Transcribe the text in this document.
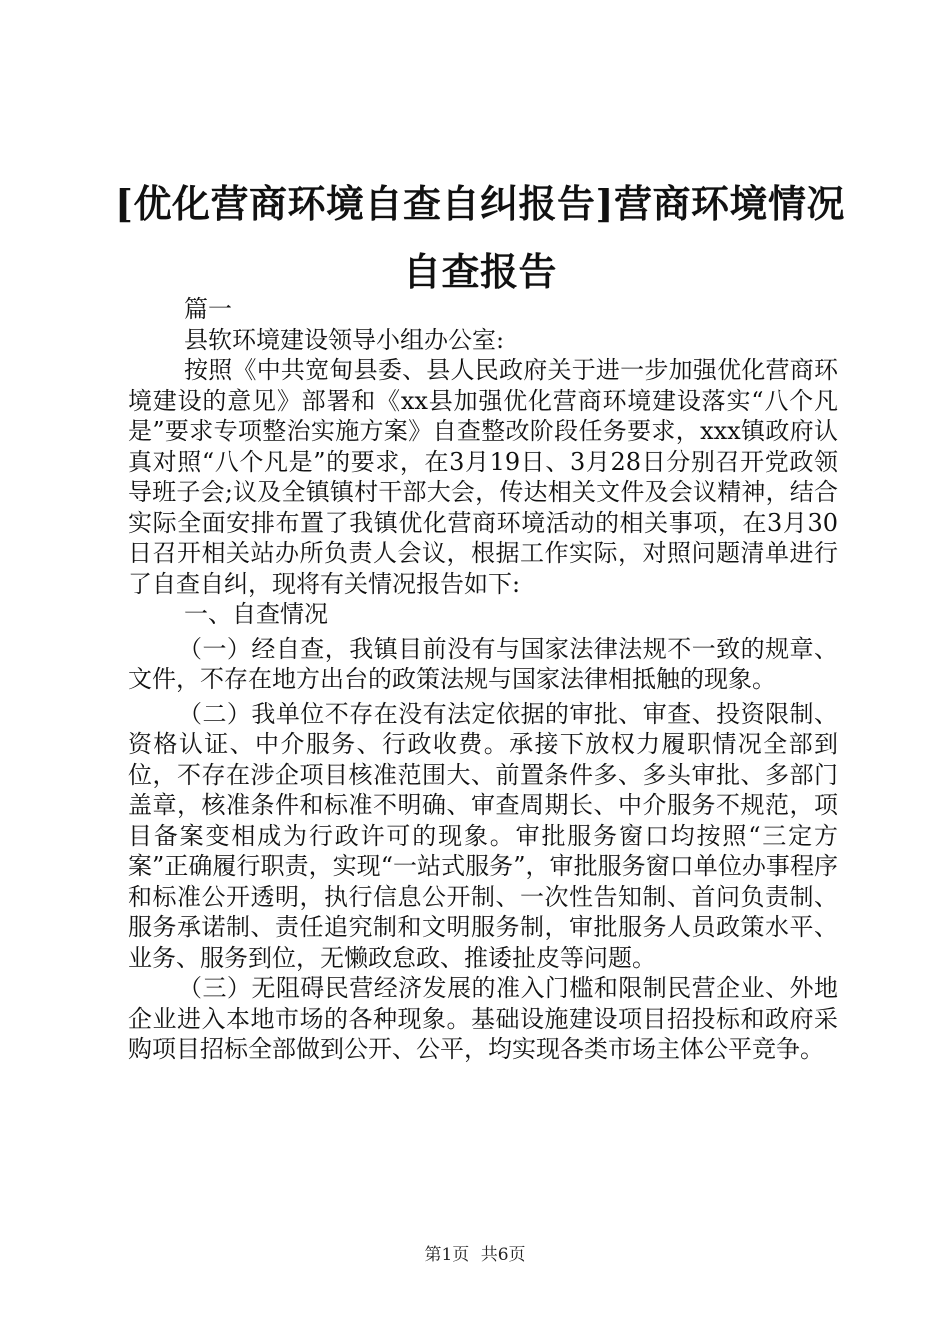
[优化营商环境自查自纠报告]营商环境情况自查报告

篇一

县软环境建设领导小组办公室:

按照《中共宽甸县委、县人民政府关于进一步加强优化营商环境建设的意见》部署和《xx县加强优化营商环境建设落实“八个凡是”要求专项整治实施方案》自查整改阶段任务要求，xxx镇政府认真对照“八个凡是”的要求，在3月19日、3月28日分别召开党政领导班子会;议及全镇镇村干部大会，传达相关文件及会议精神，结合实际全面安排布置了我镇优化营商环境活动的相关事项，在3月30日召开相关站办所负责人会议，根据工作实际，对照问题清单进行了自查自纠，现将有关情况报告如下:

一、自查情况

（一）经自查，我镇目前没有与国家法律法规不一致的规章、文件，不存在地方出台的政策法规与国家法律相抵触的现象。

（二）我单位不存在没有法定依据的审批、审查、投资限制、资格认证、中介服务、行政收费。承接下放权力履职情况全部到位，不存在涉企项目核准范围大、前置条件多、多头审批、多部门盖章，核准条件和标准不明确、审查周期长、中介服务不规范，项目备案变相成为行政许可的现象。审批服务窗口均按照“三定方案”正确履行职责，实现“一站式服务”，审批服务窗口单位办事程序和标准公开透明，执行信息公开制、一次性告知制、首问负责制、服务承诺制、责任追究制和文明服务制，审批服务人员政策水平、业务、服务到位，无懒政怠政、推诿扯皮等问题。

（三）无阻碍民营经济发展的准入门槛和限制民营企业、外地企业进入本地市场的各种现象。基础设施建设项目招投标和政府采购项目招标全部做到公开、公平，均实现各类市场主体公平竞争。

第1页 共6页
